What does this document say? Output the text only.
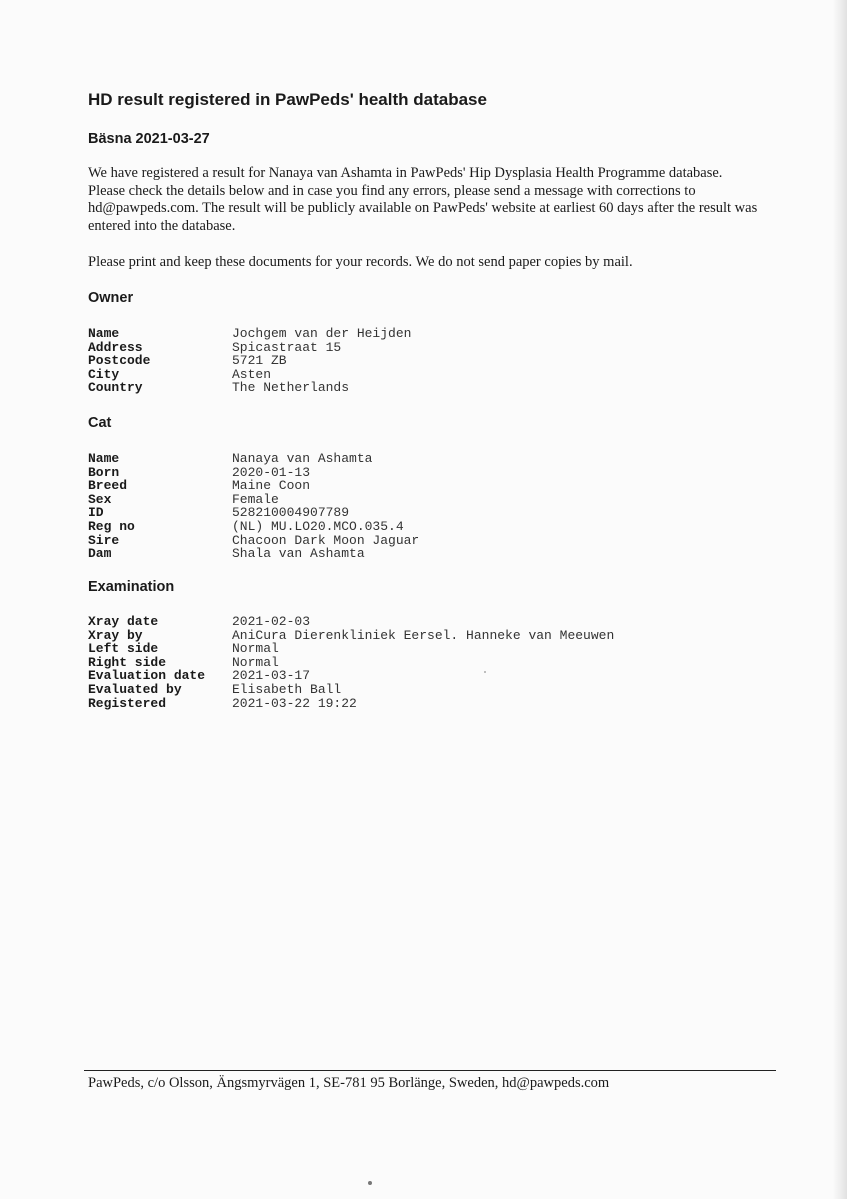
HD result registered in PawPeds' health database
Bäsna 2021-03-27

We have registered a result for Nanaya van Ashamta in PawPeds' Hip Dysplasia Health Programme database. Please check the details below and in case you find any errors, please send a message with corrections to hd@pawpeds.com. The result will be publicly available on PawPeds' website at earliest 60 days after the result was entered into the database.

Please print and keep these documents for your records. We do not send paper copies by mail.

Owner
Name	Jochgem van der Heijden
Address	Spicastraat 15
Postcode	5721 ZB
City	Asten
Country	The Netherlands
Cat
Name	Nanaya van Ashamta
Born	2020-01-13
Breed	Maine Coon
Sex	Female
ID	528210004907789
Reg no	(NL) MU.LO20.MCO.035.4
Sire	Chacoon Dark Moon Jaguar
Dam	Shala van Ashamta
Examination
Xray date	2021-02-03
Xray by	AniCura Dierenkliniek Eersel. Hanneke van Meeuwen
Left side	Normal
Right side	Normal
Evaluation date	2021-03-17
Evaluated by	Elisabeth Ball
Registered	2021-03-22 19:22

PawPeds, c/o Olsson, Ängsmyrvägen 1, SE-781 95 Borlänge, Sweden, hd@pawpeds.com
